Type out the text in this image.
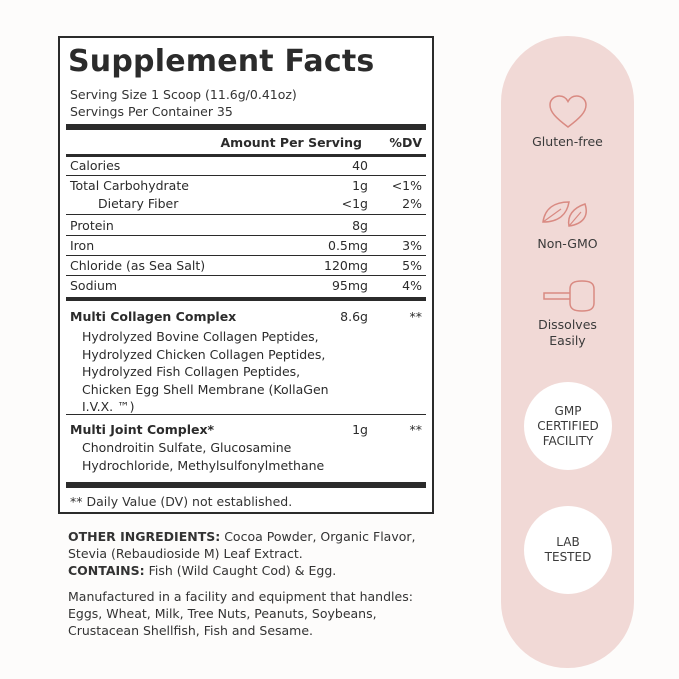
Supplement Facts
Serving Size 1 Scoop (11.6g/0.41oz)
Servings Per Container 35
Amount Per Serving %DV
Calories	40
Total Carbohydrate	1g <1%
Dietary Fiber	<1g	2%
Protein	8g
Iron	0.5mg	3%
Chloride (as Sea Salt)	120mg	5%
Sodium	95mg	4%
Multi Collagen Complex	8.6g	**
Hydrolyzed Bovine Collagen Peptides,
Hydrolyzed Chicken Collagen Peptides,
Hydrolyzed Fish Collagen Peptides,
Chicken Egg Shell Membrane (KollaGen
I.V.X. ™)
Multi Joint Complex*	1g	**
Chondroitin Sulfate, Glucosamine
Hydrochloride, Methylsulfonylmethane
** Daily Value (DV) not established.
OTHER INGREDIENTS: Cocoa Powder, Organic Flavor,
Stevia (Rebaudioside M) Leaf Extract.
CONTAINS: Fish (Wild Caught Cod) & Egg.
Manufactured in a facility and equipment that handles:
Eggs, Wheat, Milk, Tree Nuts, Peanuts, Soybeans,
Crustacean Shellfish, Fish and Sesame.
Gluten-free
Non-GMO
Dissolves
Easily
GMP
CERTIFIED
FACILITY
LAB
TESTED
